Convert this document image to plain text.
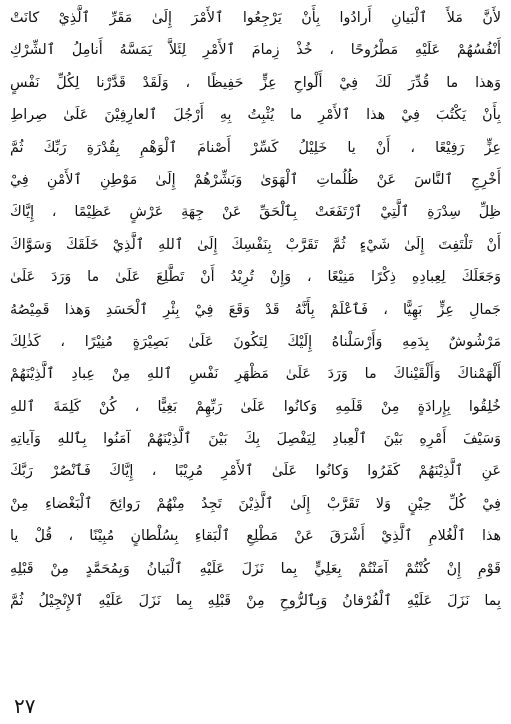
لأَنَّ مَلأَ ٱلْبَيانِ أَرادُوا بِأَنْ يَرْجِعُوا ٱلأَمْرَ إِلَىٰ مَقَرِّ ٱلَّذِيْ كانَتْ
أَنْفُسُهُمْ عَلَيْهِ مَطْرُوحًا ، خُذْ زِمامَ ٱلأَمْرِ لِئَلاَّ يَمَسَّهُ أَنامِلُ ٱلشِّرْكِ
وَهذا ما قُدِّرَ لَكَ فِيْ أَلْواحِ عِزٍّ حَفِيظًا ، وَلَقَدْ قَدَّرْنا لِكُلِّ نَفْسٍ
بِأَنْ يَكْتُبَ فِيْ هذا ٱلأَمْرِ ما يُثْبِتُ بِهِ أَرْجُلَ ٱلعارِفِيْنَ عَلَىٰ صِراطِ
عِزٍّ رَفِيْعًا ، أَنْ يا خَلِيْلُ كَسِّرْ أَصْنامَ ٱلْوَهْمِ بِقُدْرَةِ رَبِّكَ ثُمَّ
أَخْرِجِ ٱلنَّاسَ عَنْ ظُلُماتِ ٱلْهَوَىٰ وَبَشِّرْهُمْ إِلَىٰ مَوْطِنِ ٱلأَمْنِ فِيْ
ظِلِّ سِدْرَةِ ٱلَّتِيْ ٱرْتَفَعَتْ بِٱلْحَقِّ عَنْ جِهَةِ عَرْشٍ عَظِيْمًا ، إِيَّاكَ
أَنْ تَلْتَفِتَ إِلَىٰ شَيْءٍ ثُمَّ تَقَرَّبْ بِنَفْسِكَ إِلَىٰ ٱللهِ ٱلَّذِيْ خَلَقَكَ وَسَوَّاكَ
وَجَعَلَكَ لِعِبادِهِ ذِكْرًا مَنِيْعًا ، وَإِنْ تُرِيْدُ أَنْ تَطَّلِعَ عَلَىٰ ما وَرَدَ عَلَىٰ
جَمالِ عِزٍّ بَهِيًّا ، فَٱعْلَمْ بِأَنَّهُ قَدْ وَقَعَ فِيْ بِئْرِ ٱلْحَسَدِ وَهذا قَمِيْصُهُ
مَرْشُوشٌ بِدَمِهِ وَأَرْسَلْناهُ إِلَيْكَ لِتَكُونَ عَلَىٰ بَصِيْرَةٍ مُنِيْرًا ، كَذٰلِكَ
أَلْهَمْناكَ وَأَلْقَيْناكَ ما وَرَدَ عَلَىٰ مَظْهَرِ نَفْسِ ٱللهِ مِنْ عِبادِ ٱلَّذِيْنَهُمْ
خُلِقُوا بِإِرادَةٍ مِنْ قَلَمِهِ وَكانُوا عَلَىٰ رَبِّهِمْ بَغِيًّا ، كُنْ كَلِمَةَ ٱللهِ
وَسَيْفَ أَمْرِهِ بَيْنَ ٱلْعِبادِ لِيَفْصِلَ بِكَ بَيْنَ ٱلَّذِيْنَهُمْ آمَنُوا بِٱللهِ وَآياتِهِ
عَنِ ٱلَّذِيْنَهُمْ كَفَرُوا وَكانُوا عَلَىٰ ٱلأَمْرِ مُرِيْبًا ، إِيَّاكَ فَٱنْصُرْ رَبَّكَ
فِيْ كُلِّ حِيْنٍ وَلا تَقَرَّبْ إِلَىٰ ٱلَّذِيْنَ تَجِدُ مِنْهُمْ رَوائِحَ ٱلْبَغْضاءِ مِنْ
هذا ٱلْغُلامِ ٱلَّذِيْ أَشْرَقَ عَنْ مَطْلِعِ ٱلْبَقاءِ بِسُلْطانٍ مُبِيْنًا ، قُلْ يا
قَوْمِ إِنْ كُنْتُمْ آمَنْتُمْ بِعَلِيٍّ بِما نَزَلَ عَلَيْهِ ٱلْبَيانُ وَبِمُحَمَّدٍ مِنْ قَبْلِهِ
بِما نَزَلَ عَلَيْهِ ٱلْفُرْقانُ وَبِٱلرُّوحِ مِنْ قَبْلِهِ بِما نَزَلَ عَلَيْهِ ٱلإِنْجِيْلُ ثُمَّ
٢٧
